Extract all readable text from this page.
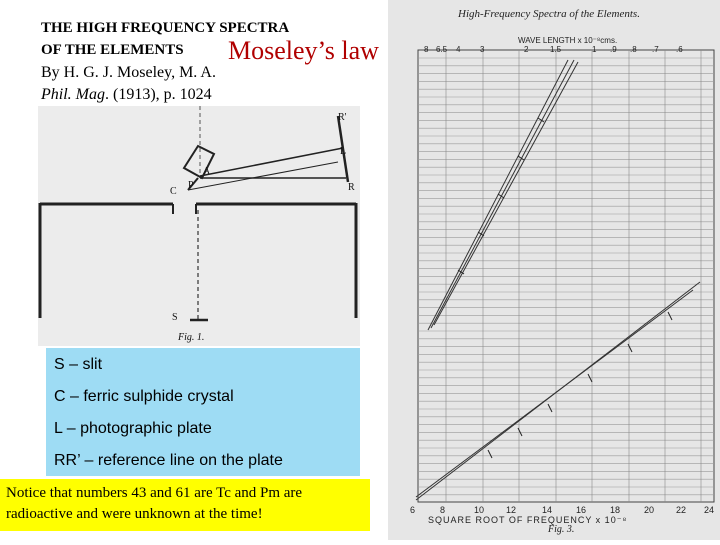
THE HIGH FREQUENCY SPECTRA
OF THE ELEMENTS Moseley’s law
By H. G. J. Moseley, M. A.
Phil. Mag. (1913), p. 1024
R'
L
R
A
P
C
S
Fig. 1.
S – slit
C – ferric sulphide crystal
L – photographic plate
RR’ – reference line on the plate
Notice that numbers 43 and 61 are Tc and Pm are radioactive and were unknown at the time!
8 6.5 4 3	2	1.5	1 .9 .8 .7 .6
6	8	10 12	14	16	18	20 22 24
High-Frequency Spectra of the Elements.
WAVE LENGTH x 10⁻⁸cms.
SQUARE ROOT OF FREQUENCY x 10⁻⁸
Fig. 3.
